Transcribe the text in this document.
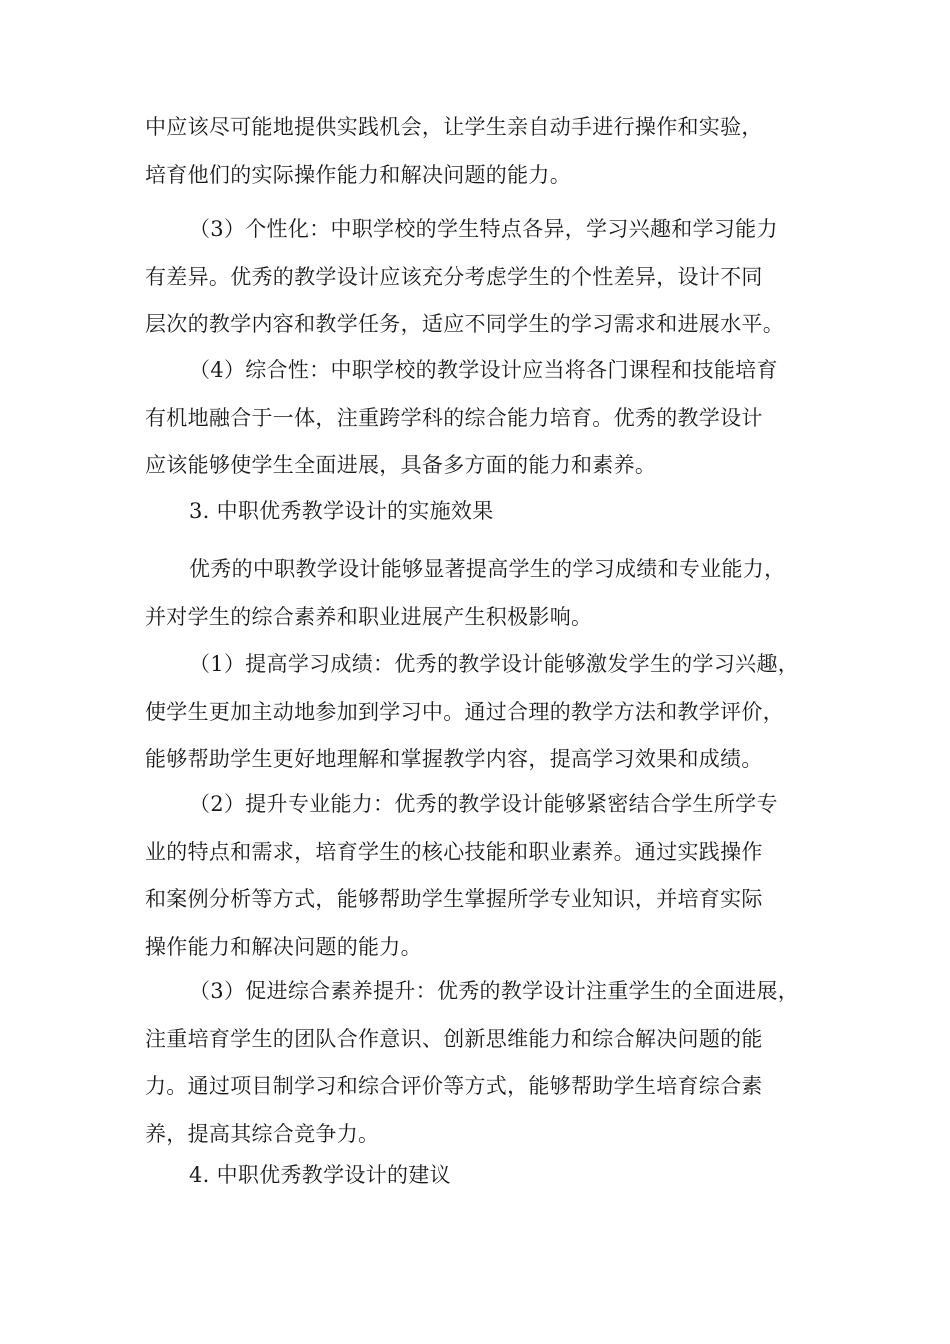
中应该尽可能地提供实践机会，让学生亲自动手进行操作和实验，
培育他们的实际操作能力和解决问题的能力。

（3）个性化：中职学校的学生特点各异，学习兴趣和学习能力
有差异。优秀的教学设计应该充分考虑学生的个性差异，设计不同
层次的教学内容和教学任务，适应不同学生的学习需求和进展水平。

（4）综合性：中职学校的教学设计应当将各门课程和技能培育
有机地融合于一体，注重跨学科的综合能力培育。优秀的教学设计
应该能够使学生全面进展，具备多方面的能力和素养。

3. 中职优秀教学设计的实施效果

优秀的中职教学设计能够显著提高学生的学习成绩和专业能力，
并对学生的综合素养和职业进展产生积极影响。

（1）提高学习成绩：优秀的教学设计能够激发学生的学习兴趣，
使学生更加主动地参加到学习中。通过合理的教学方法和教学评价，
能够帮助学生更好地理解和掌握教学内容，提高学习效果和成绩。

（2）提升专业能力：优秀的教学设计能够紧密结合学生所学专
业的特点和需求，培育学生的核心技能和职业素养。通过实践操作
和案例分析等方式，能够帮助学生掌握所学专业知识，并培育实际
操作能力和解决问题的能力。

（3）促进综合素养提升：优秀的教学设计注重学生的全面进展，
注重培育学生的团队合作意识、创新思维能力和综合解决问题的能
力。通过项目制学习和综合评价等方式，能够帮助学生培育综合素
养，提高其综合竞争力。

4. 中职优秀教学设计的建议
